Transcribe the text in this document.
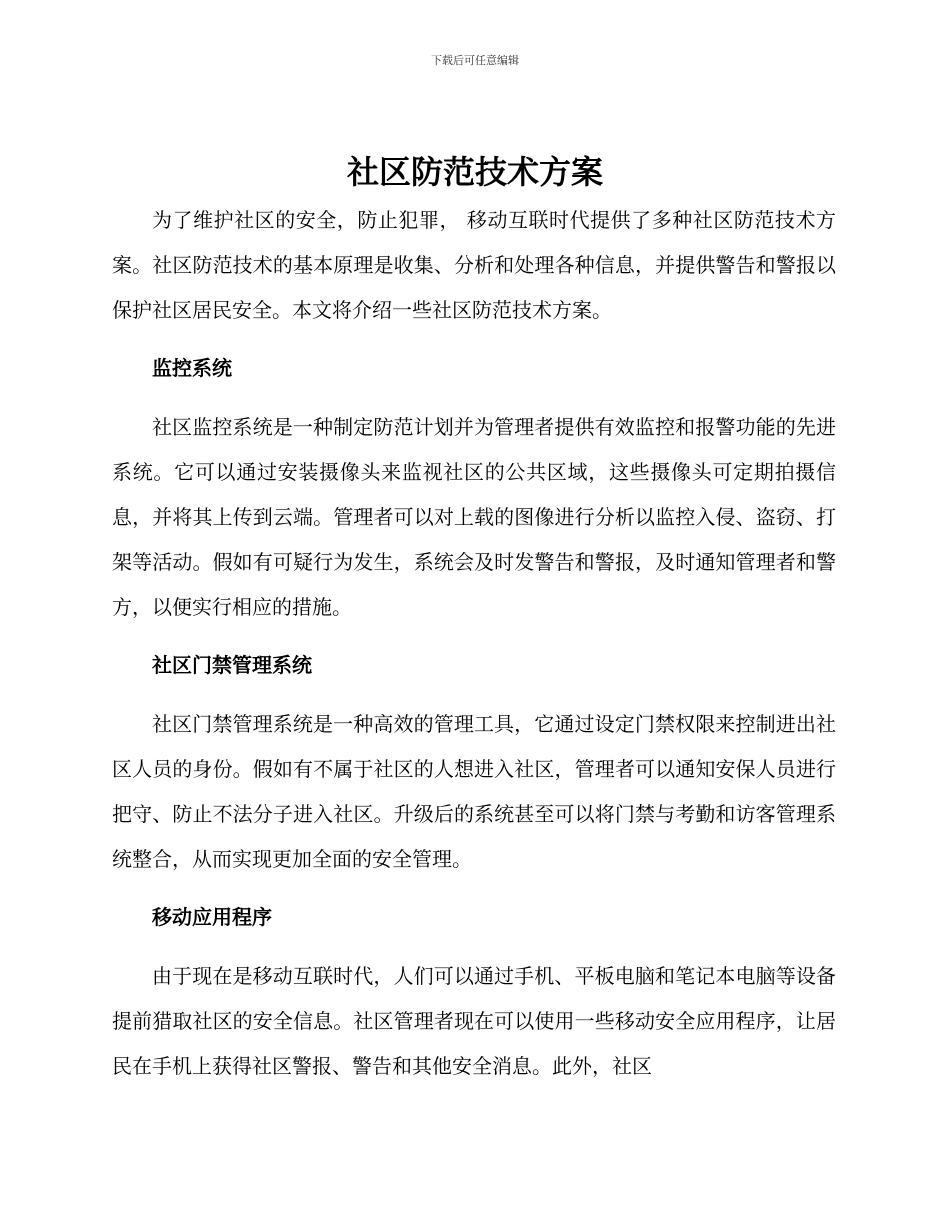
下载后可任意编辑
社区防范技术方案

为了维护社区的安全，防止犯罪， 移动互联时代提供了多种社区防范技术方案。社区防范技术的基本原理是收集、分析和处理各种信息，并提供警告和警报以保护社区居民安全。本文将介绍一些社区防范技术方案。

监控系统

社区监控系统是一种制定防范计划并为管理者提供有效监控和报警功能的先进系统。它可以通过安装摄像头来监视社区的公共区域，这些摄像头可定期拍摄信息，并将其上传到云端。管理者可以对上载的图像进行分析以监控入侵、盗窃、打架等活动。假如有可疑行为发生，系统会及时发警告和警报，及时通知管理者和警方，以便实行相应的措施。

社区门禁管理系统

社区门禁管理系统是一种高效的管理工具，它通过设定门禁权限来控制进出社区人员的身份。假如有不属于社区的人想进入社区，管理者可以通知安保人员进行把守、防止不法分子进入社区。升级后的系统甚至可以将门禁与考勤和访客管理系统整合，从而实现更加全面的安全管理。

移动应用程序

由于现在是移动互联时代，人们可以通过手机、平板电脑和笔记本电脑等设备提前猎取社区的安全信息。社区管理者现在可以使用一些移动安全应用程序，让居民在手机上获得社区警报、警告和其他安全消息。此外，社区
